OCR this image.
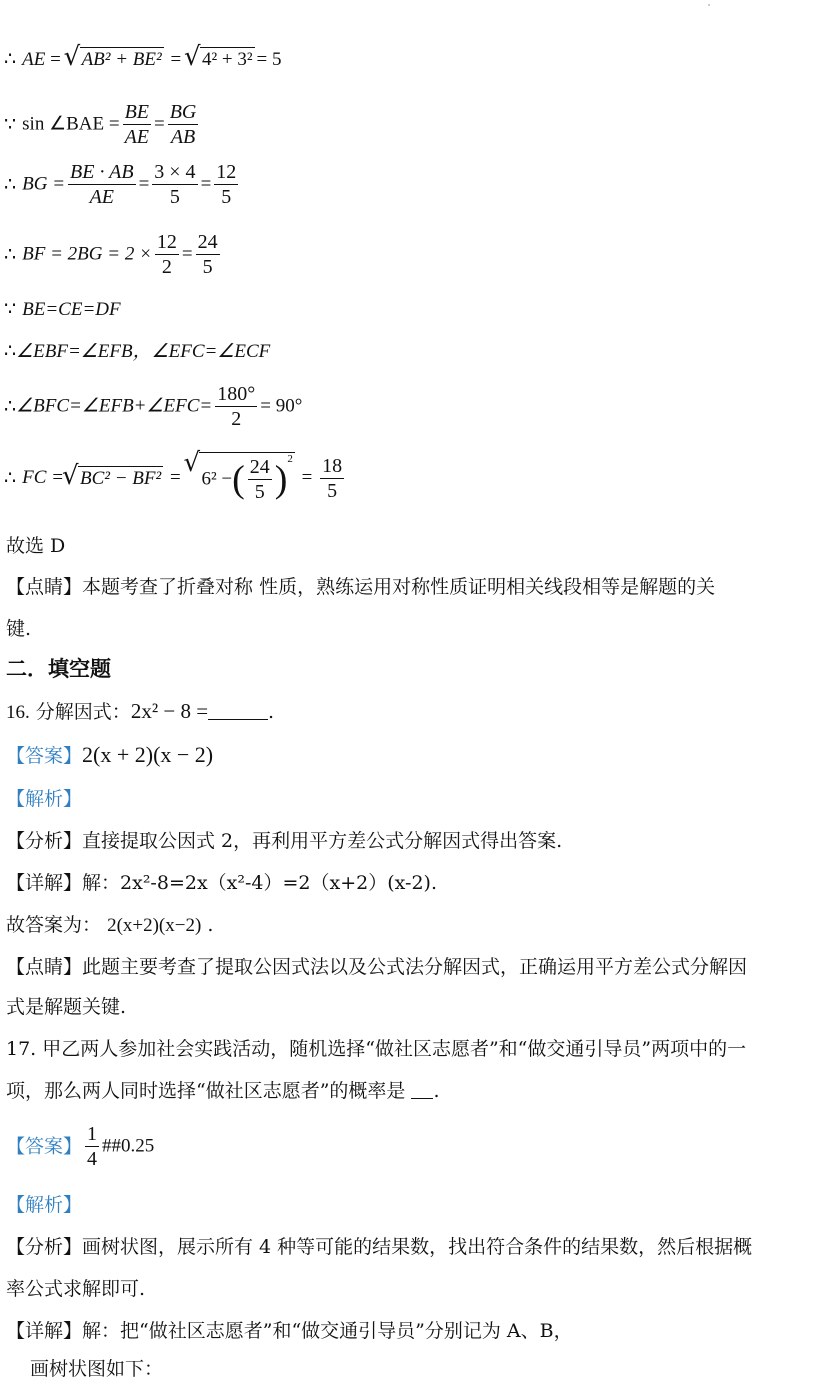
∴ AE = √ AB² + BE² = √ 4² + 3² = 5
∵ sin ∠BAE = $\frac{BE}{AE} = \frac{BG}{AB}$
∴ BG = $\frac{BE \cdot AB}{AE} = \frac{3 \times 4}{5} = \frac{12}{5}$
∴ BF = $2BG = 2 \times \frac{12}{2} = \frac{24}{5}$
∵ BE=CE=DF
∴∠EBF=∠EFB，∠EFC=∠ECF
∴∠BFC=∠EFB+∠EFC= $\frac{180^\circ}{2} = 90^\circ$
∴ FC =√ BC² − BF² = √ 6² −( $\frac{24}{5} )^2 = \frac{18}{5}$
故选 D
【点睛】本题考查了折叠对称 性质，熟练运用对称性质证明相关线段相等是解题的关
键.
二．填空题
16. 分解因式：2x² − 8 =	.
【答案】2(x + 2)(x − 2)
【解析】
【分析】直接提取公因式 2，再利用平方差公式分解因式得出答案.
【详解】解：2x²-8=2x（x²-4）=2（x+2）(x-2).
故答案为： 2(x+2)(x−2) .
【点睛】此题主要考查了提取公因式法以及公式法分解因式，正确运用平方差公式分解因
式是解题关键.
17. 甲乙两人参加社会实践活动，随机选择“做社区志愿者”和“做交通引导员”两项中的一
项，那么两人同时选择“做社区志愿者”的概率是 .
【答案】 $\frac{1}{4}$ ##0.25
【解析】
【分析】画树状图，展示所有 4 种等可能的结果数，找出符合条件的结果数，然后根据概
率公式求解即可.
【详解】解：把“做社区志愿者”和“做交通引导员”分别记为 A、B，
画树状图如下：
